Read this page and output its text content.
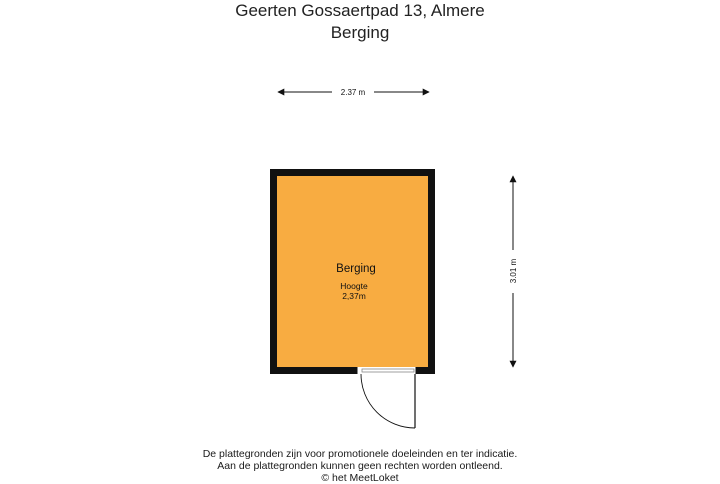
Geerten Gossaertpad 13, Almere
Berging
2.37 m
3.01 m
Berging
Hoogte
2,37m
De plattegronden zijn voor promotionele doeleinden en ter indicatie.
Aan de plattegronden kunnen geen rechten worden ontleend.
© het MeetLoket
